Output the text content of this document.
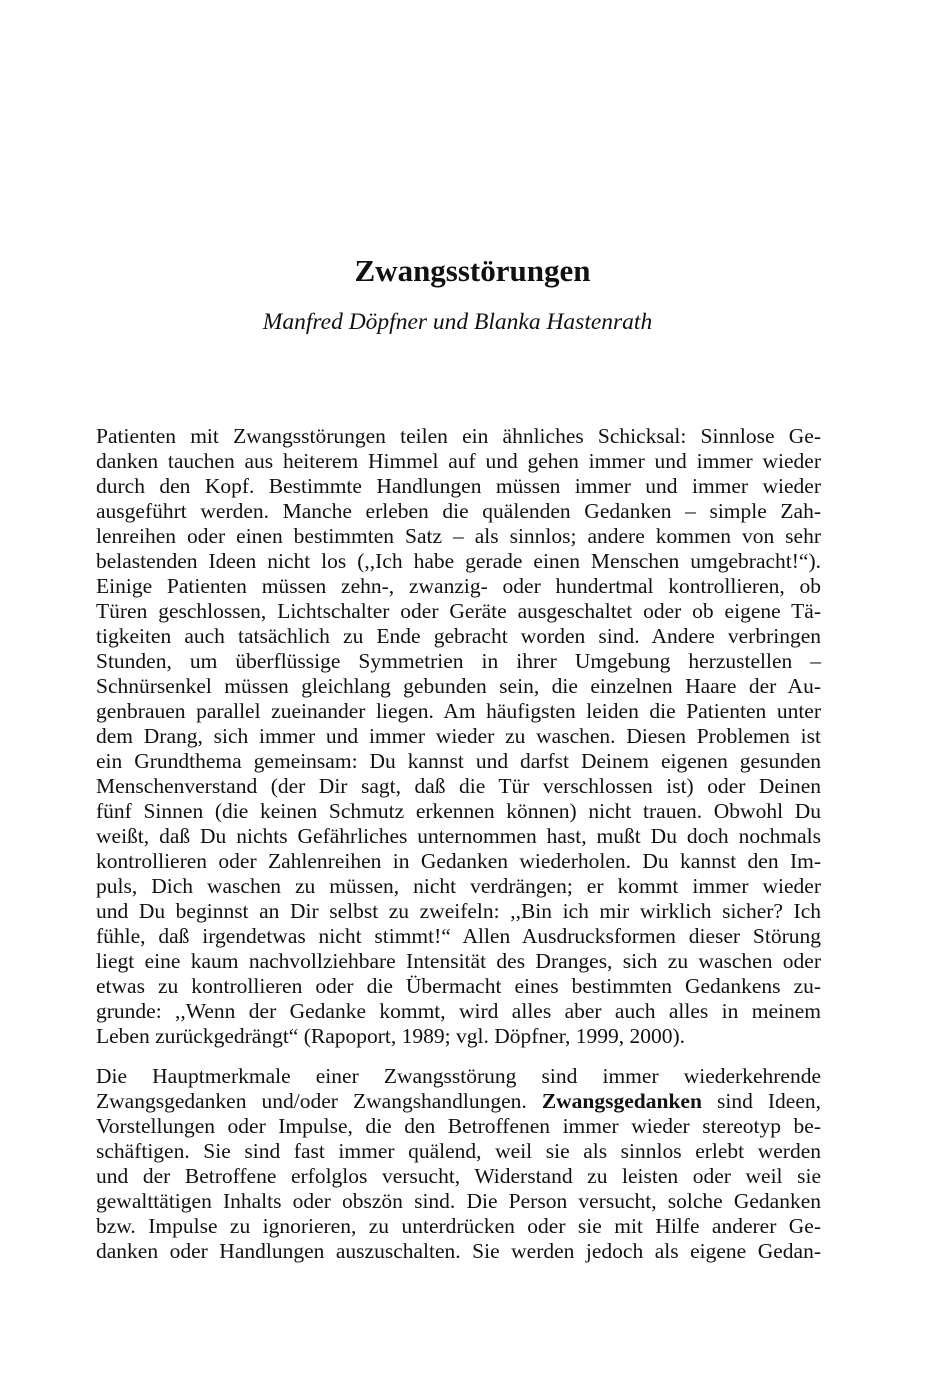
Zwangsstörungen

Manfred Döpfner und Blanka Hastenrath

Patienten mit Zwangsstörungen teilen ein ähnliches Schicksal: Sinnlose Ge-
danken tauchen aus heiterem Himmel auf und gehen immer und immer wieder
durch den Kopf. Bestimmte Handlungen müssen immer und immer wieder
ausgeführt werden. Manche erleben die quälenden Gedanken – simple Zah-
lenreihen oder einen bestimmten Satz – als sinnlos; andere kommen von sehr
belastenden Ideen nicht los (,,Ich habe gerade einen Menschen umgebracht!“).
Einige Patienten müssen zehn-, zwanzig- oder hundertmal kontrollieren, ob
Türen geschlossen, Lichtschalter oder Geräte ausgeschaltet oder ob eigene Tä-
tigkeiten auch tatsächlich zu Ende gebracht worden sind. Andere verbringen
Stunden, um überflüssige Symmetrien in ihrer Umgebung herzustellen –
Schnürsenkel müssen gleichlang gebunden sein, die einzelnen Haare der Au-
genbrauen parallel zueinander liegen. Am häufigsten leiden die Patienten unter
dem Drang, sich immer und immer wieder zu waschen. Diesen Problemen ist
ein Grundthema gemeinsam: Du kannst und darfst Deinem eigenen gesunden
Menschenverstand (der Dir sagt, daß die Tür verschlossen ist) oder Deinen
fünf Sinnen (die keinen Schmutz erkennen können) nicht trauen. Obwohl Du
weißt, daß Du nichts Gefährliches unternommen hast, mußt Du doch nochmals
kontrollieren oder Zahlenreihen in Gedanken wiederholen. Du kannst den Im-
puls, Dich waschen zu müssen, nicht verdrängen; er kommt immer wieder
und Du beginnst an Dir selbst zu zweifeln: ,,Bin ich mir wirklich sicher? Ich
fühle, daß irgendetwas nicht stimmt!“ Allen Ausdrucksformen dieser Störung
liegt eine kaum nachvollziehbare Intensität des Dranges, sich zu waschen oder
etwas zu kontrollieren oder die Übermacht eines bestimmten Gedankens zu-
grunde: ,,Wenn der Gedanke kommt, wird alles aber auch alles in meinem
Leben zurückgedrängt“ (Rapoport, 1989; vgl. Döpfner, 1999, 2000).

Die Hauptmerkmale einer Zwangsstörung sind immer wiederkehrende
Zwangsgedanken und/oder Zwangshandlungen. Zwangsgedanken sind Ideen,
Vorstellungen oder Impulse, die den Betroffenen immer wieder stereotyp be-
schäftigen. Sie sind fast immer quälend, weil sie als sinnlos erlebt werden
und der Betroffene erfolglos versucht, Widerstand zu leisten oder weil sie
gewalttätigen Inhalts oder obszön sind. Die Person versucht, solche Gedanken
bzw. Impulse zu ignorieren, zu unterdrücken oder sie mit Hilfe anderer Ge-
danken oder Handlungen auszuschalten. Sie werden jedoch als eigene Gedan-
